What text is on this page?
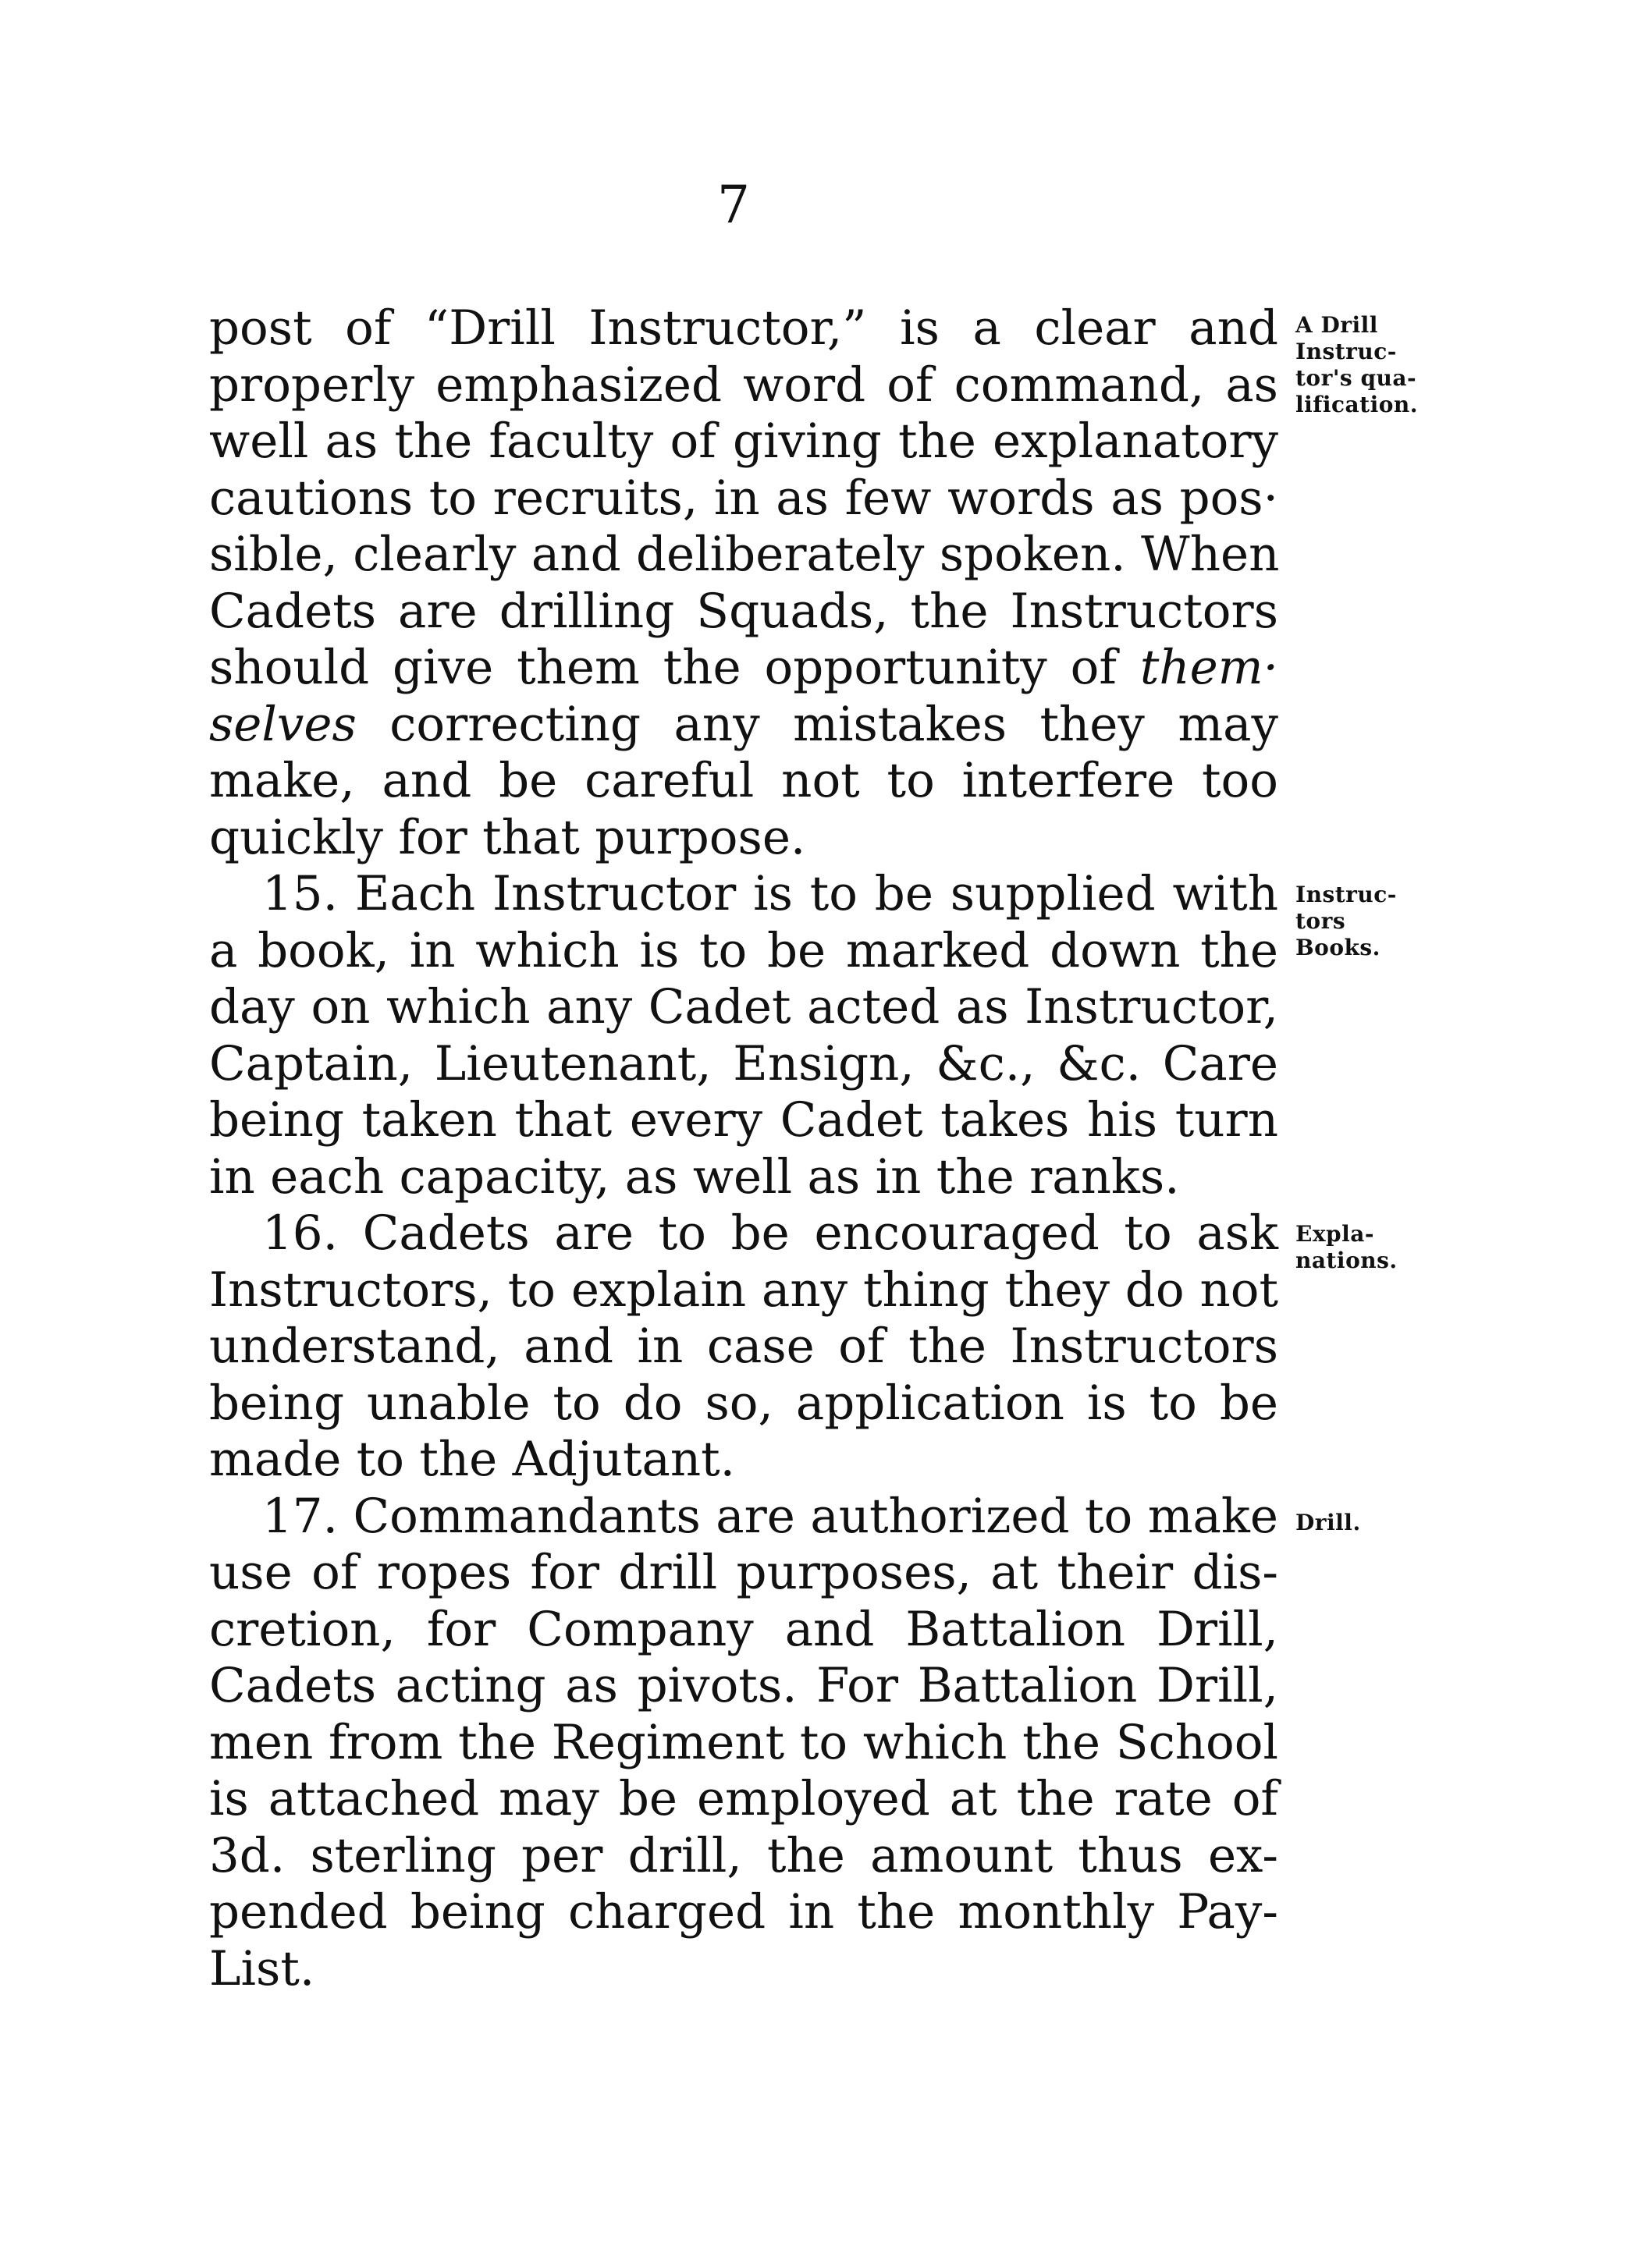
7
post of “Drill Instructor,” is a clear and
properly emphasized word of command, as
well as the faculty of giving the explanatory
cautions to recruits, in as few words as pos·
sible, clearly and deliberately spoken. When
Cadets are drilling Squads, the Instructors
should give them the opportunity of them·
selves correcting any mistakes they may
make, and be careful not to interfere too
quickly for that purpose.
15. Each Instructor is to be supplied with
a book, in which is to be marked down the
day on which any Cadet acted as Instructor,
Captain, Lieutenant, Ensign, &c., &c. Care
being taken that every Cadet takes his turn
in each capacity, as well as in the ranks.
16. Cadets are to be encouraged to ask
Instructors, to explain any thing they do not
understand, and in case of the Instructors
being unable to do so, application is to be
made to the Adjutant.
17. Commandants are authorized to make
use of ropes for drill purposes, at their dis-
cretion, for Company and Battalion Drill,
Cadets acting as pivots. For Battalion Drill,
men from the Regiment to which the School
is attached may be employed at the rate of
3d. sterling per drill, the amount thus ex-
pended being charged in the monthly Pay-
List.
A Drill
Instruc-
tor's qua-
lification.
Instruc-
tors
Books.
Expla-
nations.
Drill.
